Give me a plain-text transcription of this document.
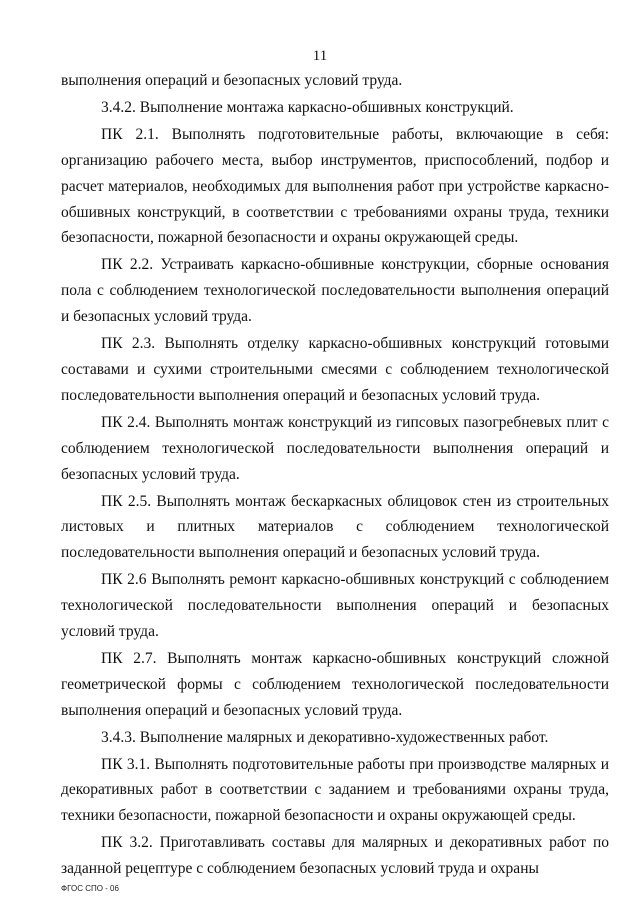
11

выполнения операций и безопасных условий труда.

3.4.2. Выполнение монтажа каркасно-обшивных конструкций.

ПК 2.1. Выполнять подготовительные работы, включающие в себя: организацию рабочего места, выбор инструментов, приспособлений, подбор и расчет материалов, необходимых для выполнения работ при устройстве каркасно-обшивных конструкций, в соответствии с требованиями охраны труда, техники безопасности, пожарной безопасности и охраны окружающей среды.

ПК 2.2. Устраивать каркасно-обшивные конструкции, сборные основания пола с соблюдением технологической последовательности выполнения операций и безопасных условий труда.

ПК 2.3. Выполнять отделку каркасно-обшивных конструкций готовыми составами и сухими строительными смесями с соблюдением технологической последовательности выполнения операций и безопасных условий труда.

ПК 2.4. Выполнять монтаж конструкций из гипсовых пазогребневых плит с соблюдением технологической последовательности выполнения операций и безопасных условий труда.

ПК 2.5. Выполнять монтаж бескаркасных облицовок стен из строительных листовых и плитных материалов с соблюдением технологической последовательности выполнения операций и безопасных условий труда.

ПК 2.6 Выполнять ремонт каркасно-обшивных конструкций с соблюдением технологической последовательности выполнения операций и безопасных условий труда.

ПК 2.7. Выполнять монтаж каркасно-обшивных конструкций сложной геометрической формы с соблюдением технологической последовательности выполнения операций и безопасных условий труда.

3.4.3. Выполнение малярных и декоративно-художественных работ.

ПК 3.1. Выполнять подготовительные работы при производстве малярных и декоративных работ в соответствии с заданием и требованиями охраны труда, техники безопасности, пожарной безопасности и охраны окружающей среды.

ПК 3.2. Приготавливать составы для малярных и декоративных работ по заданной рецептуре с соблюдением безопасных условий труда и охраны

ФГОС СПО - 06
